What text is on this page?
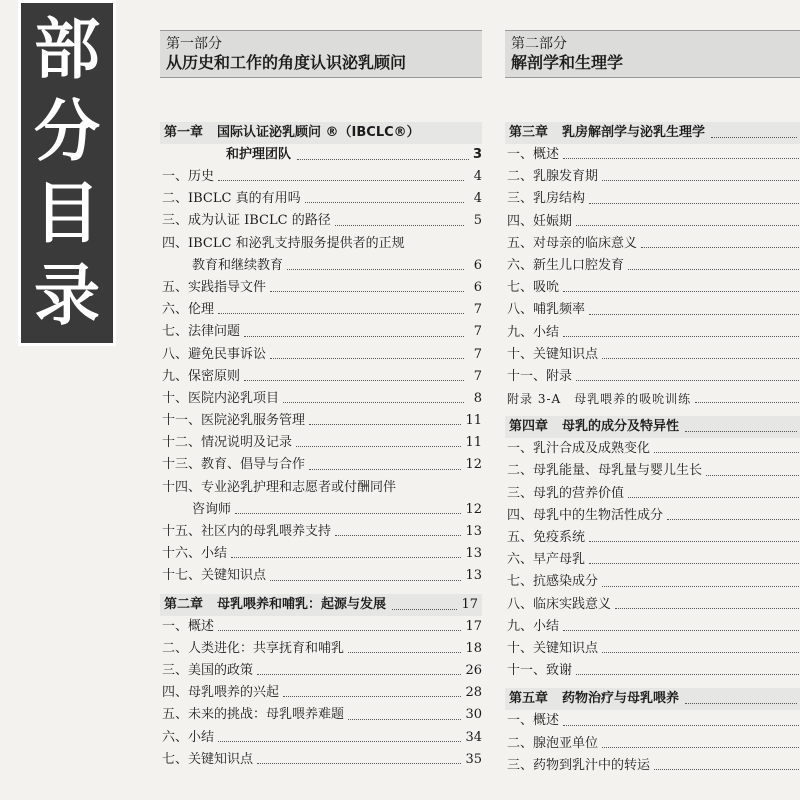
部
分
目
录
第一部分
从历史和工作的角度认识泌乳顾问
第一章 国际认证泌乳顾问 ®（IBCLC®）
和护理团队	3
一、历史	4
二、IBCLC 真的有用吗	4
三、成为认证 IBCLC 的路径	5
四、IBCLC 和泌乳支持服务提供者的正规
教育和继续教育	6
五、实践指导文件	6
六、伦理	7
七、法律问题	7
八、避免民事诉讼	7
九、保密原则	7
十、医院内泌乳项目	8
十一、医院泌乳服务管理	11
十二、情况说明及记录	11
十三、教育、倡导与合作	12
十四、专业泌乳护理和志愿者或付酬同伴
咨询师	12
十五、社区内的母乳喂养支持	13
十六、小结	13
十七、关键知识点	13
第二章 母乳喂养和哺乳：起源与发展	17
一、概述	17
二、人类进化：共享抚育和哺乳	18
三、美国的政策	26
四、母乳喂养的兴起	28
五、未来的挑战：母乳喂养难题	30
六、小结	34
七、关键知识点	35
第二部分
解剖学和生理学
第三章 乳房解剖学与泌乳生理学
一、概述
二、乳腺发育期
三、乳房结构
四、妊娠期
五、对母亲的临床意义
六、新生儿口腔发育
七、吸吮
八、哺乳频率
九、小结
十、关键知识点
十一、附录
附录 3-A　母乳喂养的吸吮训练
第四章 母乳的成分及特异性
一、乳汁合成及成熟变化
二、母乳能量、母乳量与婴儿生长
三、母乳的营养价值
四、母乳中的生物活性成分
五、免疫系统
六、早产母乳
七、抗感染成分
八、临床实践意义
九、小结
十、关键知识点
十一、致谢
第五章 药物治疗与母乳喂养
一、概述
二、腺泡亚单位
三、药物到乳汁中的转运
